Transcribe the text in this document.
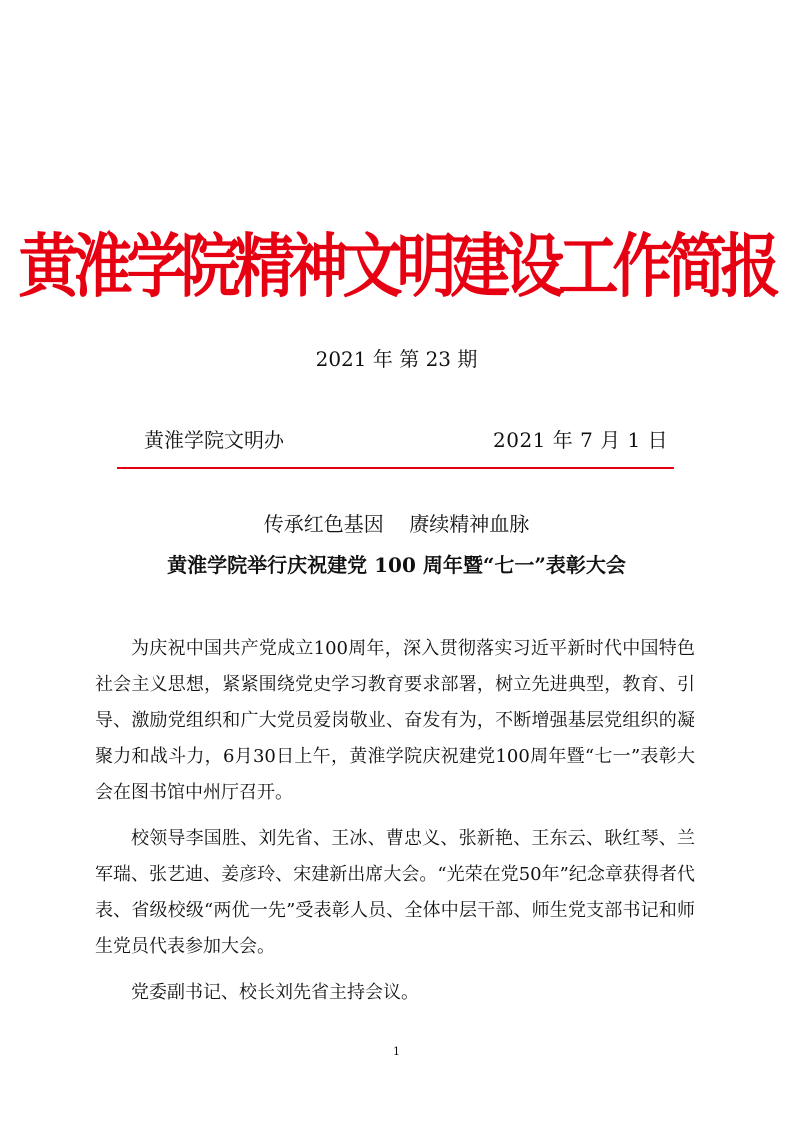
黄淮学院精神文明建设工作简报
2021 年 第 23 期
黄淮学院文明办	2021 年 7 月 1 日
传承红色基因    赓续精神血脉
黄淮学院举行庆祝建党 100 周年暨“七一”表彰大会

为庆祝中国共产党成立100周年，深入贯彻落实习近平新时代中国特色社会主义思想，紧紧围绕党史学习教育要求部署，树立先进典型，教育、引导、激励党组织和广大党员爱岗敬业、奋发有为，不断增强基层党组织的凝聚力和战斗力，6月30日上午，黄淮学院庆祝建党100周年暨“七一”表彰大会在图书馆中州厅召开。

校领导李国胜、刘先省、王冰、曹忠义、张新艳、王东云、耿红琴、兰军瑞、张艺迪、姜彦玲、宋建新出席大会。“光荣在党50年”纪念章获得者代表、省级校级“两优一先”受表彰人员、全体中层干部、师生党支部书记和师生党员代表参加大会。

党委副书记、校长刘先省主持会议。

1
